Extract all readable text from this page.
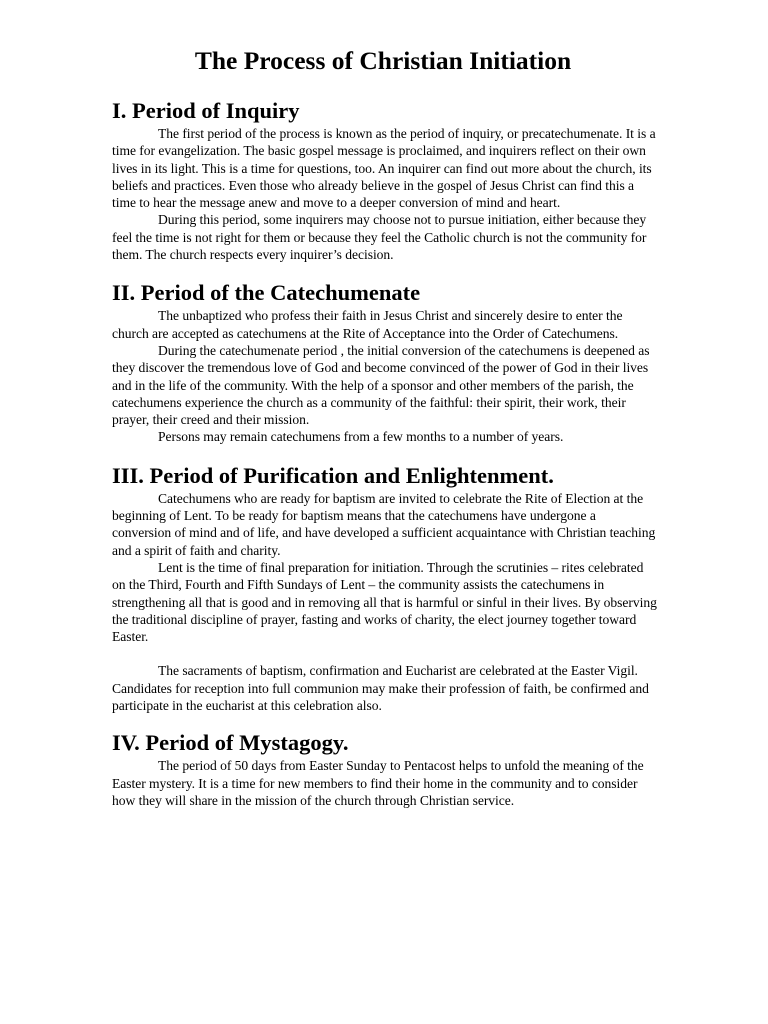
The Process of Christian Initiation
I. Period of Inquiry

The first period of the process is known as the period of inquiry, or precatechumenate. It is a time for evangelization. The basic gospel message is proclaimed, and inquirers reflect on their own lives in its light. This is a time for questions, too. An inquirer can find out more about the church, its beliefs and practices. Even those who already believe in the gospel of Jesus Christ can find this a time to hear the message anew and move to a deeper conversion of mind and heart.

During this period, some inquirers may choose not to pursue initiation, either because they feel the time is not right for them or because they feel the Catholic church is not the community for them. The church respects every inquirer’s decision.

II. Period of the Catechumenate

The unbaptized who profess their faith in Jesus Christ and sincerely desire to enter the church are accepted as catechumens at the Rite of Acceptance into the Order of Catechumens.

During the catechumenate period , the initial conversion of the catechumens is deepened as they discover the tremendous love of God and become convinced of the power of God in their lives and in the life of the community. With the help of a sponsor and other members of the parish, the catechumens experience the church as a community of the faithful: their spirit, their work, their prayer, their creed and their mission.

Persons may remain catechumens from a few months to a number of years.

III. Period of Purification and Enlightenment.

Catechumens who are ready for baptism are invited to celebrate the Rite of Election at the beginning of Lent. To be ready for baptism means that the catechumens have undergone a conversion of mind and of life, and have developed a sufficient acquaintance with Christian teaching and a spirit of faith and charity.

Lent is the time of final preparation for initiation. Through the scrutinies – rites celebrated on the Third, Fourth and Fifth Sundays of Lent – the community assists the catechumens in strengthening all that is good and in removing all that is harmful or sinful in their lives. By observing the traditional discipline of prayer, fasting and works of charity, the elect journey together toward Easter.

The sacraments of baptism, confirmation and Eucharist are celebrated at the Easter Vigil. Candidates for reception into full communion may make their profession of faith, be confirmed and participate in the eucharist at this celebration also.

IV. Period of Mystagogy.

The period of 50 days from Easter Sunday to Pentacost helps to unfold the meaning of the Easter mystery. It is a time for new members to find their home in the community and to consider how they will share in the mission of the church through Christian service.
